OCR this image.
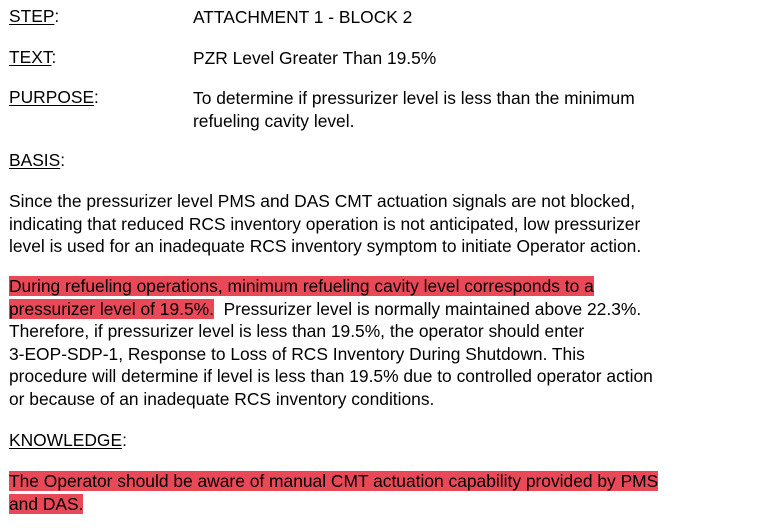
STEP:	ATTACHMENT 1 - BLOCK 2
TEXT:	PZR Level Greater Than 19.5%
PURPOSE:	To determine if pressurizer level is less than the minimum
refueling cavity level.
BASIS:
Since the pressurizer level PMS and DAS CMT actuation signals are not blocked,
indicating that reduced RCS inventory operation is not anticipated, low pressurizer
level is used for an inadequate RCS inventory symptom to initiate Operator action.
During refueling operations, minimum refueling cavity level corresponds to a
pressurizer level of 19.5%.  Pressurizer level is normally maintained above 22.3%.
Therefore, if pressurizer level is less than 19.5%, the operator should enter
3-EOP-SDP-1, Response to Loss of RCS Inventory During Shutdown. This
procedure will determine if level is less than 19.5% due to controlled operator action
or because of an inadequate RCS inventory conditions.
KNOWLEDGE:
The Operator should be aware of manual CMT actuation capability provided by PMS
and DAS.
